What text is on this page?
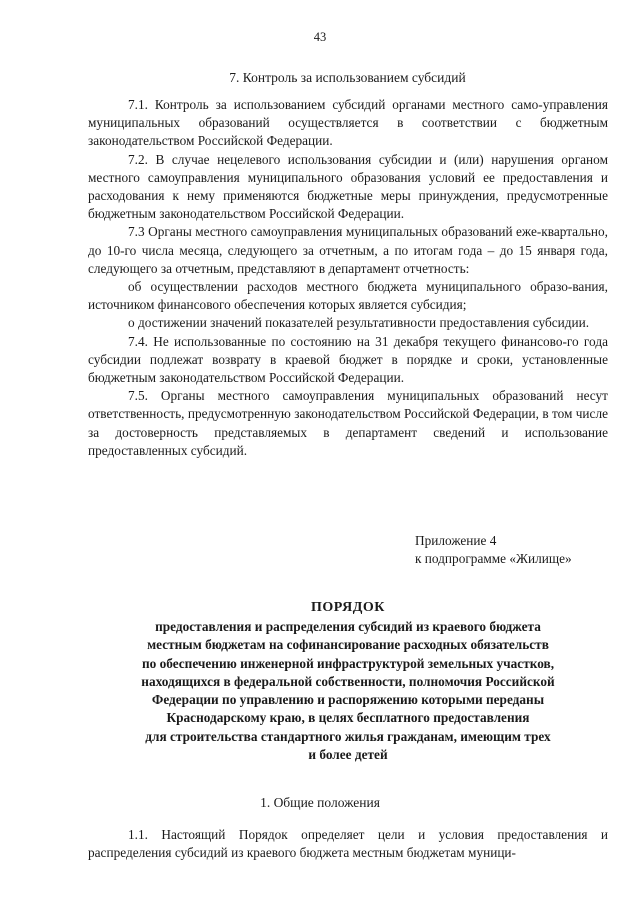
43
7. Контроль за использованием субсидий

7.1. Контроль за использованием субсидий органами местного само-управления муниципальных образований осуществляется в соответствии с бюджетным законодательством Российской Федерации.

7.2. В случае нецелевого использования субсидии и (или) нарушения органом местного самоуправления муниципального образования условий ее предоставления и расходования к нему применяются бюджетные меры принуждения, предусмотренные бюджетным законодательством Российской Федерации.

7.3 Органы местного самоуправления муниципальных образований еже-квартально, до 10-го числа месяца, следующего за отчетным, а по итогам года – до 15 января года, следующего за отчетным, представляют в департамент отчетность:

об осуществлении расходов местного бюджета муниципального образо-вания, источником финансового обеспечения которых является субсидия;

о достижении значений показателей результативности предоставления субсидии.

7.4. Не использованные по состоянию на 31 декабря текущего финансово-го года субсидии подлежат возврату в краевой бюджет в порядке и сроки, установленные бюджетным законодательством Российской Федерации.

7.5. Органы местного самоуправления муниципальных образований несут ответственность, предусмотренную законодательством Российской Федерации, в том числе за достоверность представляемых в департамент сведений и использование предоставленных субсидий.

Приложение 4
к подпрограмме «Жилище»
ПОРЯДОК
предоставления и распределения субсидий из краевого бюджета
местным бюджетам на софинансирование расходных обязательств
по обеспечению инженерной инфраструктурой земельных участков,
находящихся в федеральной собственности, полномочия Российской
Федерации по управлению и распоряжению которыми переданы
Краснодарскому краю, в целях бесплатного предоставления
для строительства стандартного жилья гражданам, имеющим трех
и более детей
1. Общие положения

1.1. Настоящий Порядок определяет цели и условия предоставления и распределения субсидий из краевого бюджета местным бюджетам муници-
